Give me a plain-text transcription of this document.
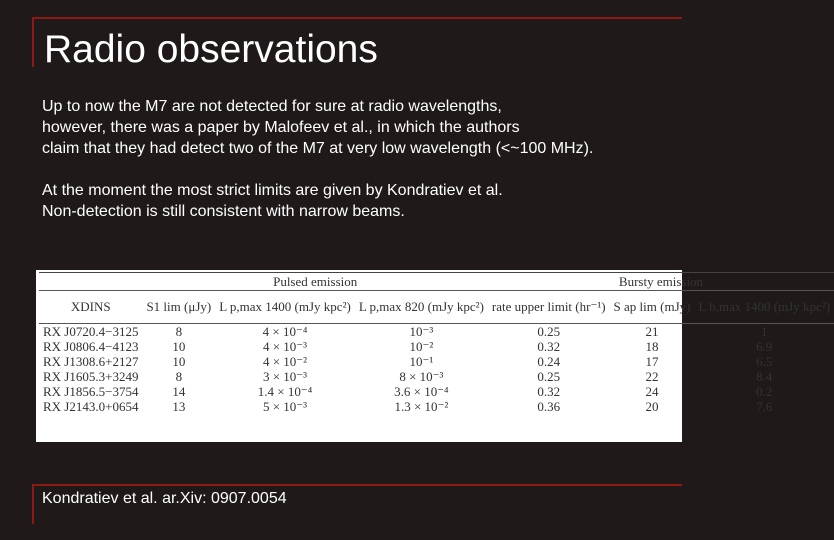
Radio observations

Up to now the M7 are not detected for sure at radio wavelengths,

however, there was a paper by Malofeev et al., in which the authors

claim that they had detect two of the M7 at very low wavelength (<~100 MHz).

At the moment the most strict limits are given by Kondratiev et al.

Non-detection is still consistent with narrow beams.

	Pulsed emission			Bursty emission		
XDINS	S1 lim (μJy)	L p,max 1400 (mJy kpc²)	L p,max 820 (mJy kpc²)	rate upper limit (hr⁻¹)	S ap lim (mJy)	L b,max 1400 (mJy kpc²)
RX J0720.4−3125	8	4 × 10⁻⁴	10⁻³	0.25	21	1
RX J0806.4−4123	10	4 × 10⁻³	10⁻²	0.32	18	6.9
RX J1308.6+2127	10	4 × 10⁻²	10⁻¹	0.24	17	6.5
RX J1605.3+3249	8	3 × 10⁻³	8 × 10⁻³	0.25	22	8.4
RX J1856.5−3754	14	1.4 × 10⁻⁴	3.6 × 10⁻⁴	0.32	24	0.2
RX J2143.0+0654	13	5 × 10⁻³	1.3 × 10⁻²	0.36	20	7.6
Kondratiev et al. ar.Xiv: 0907.0054
